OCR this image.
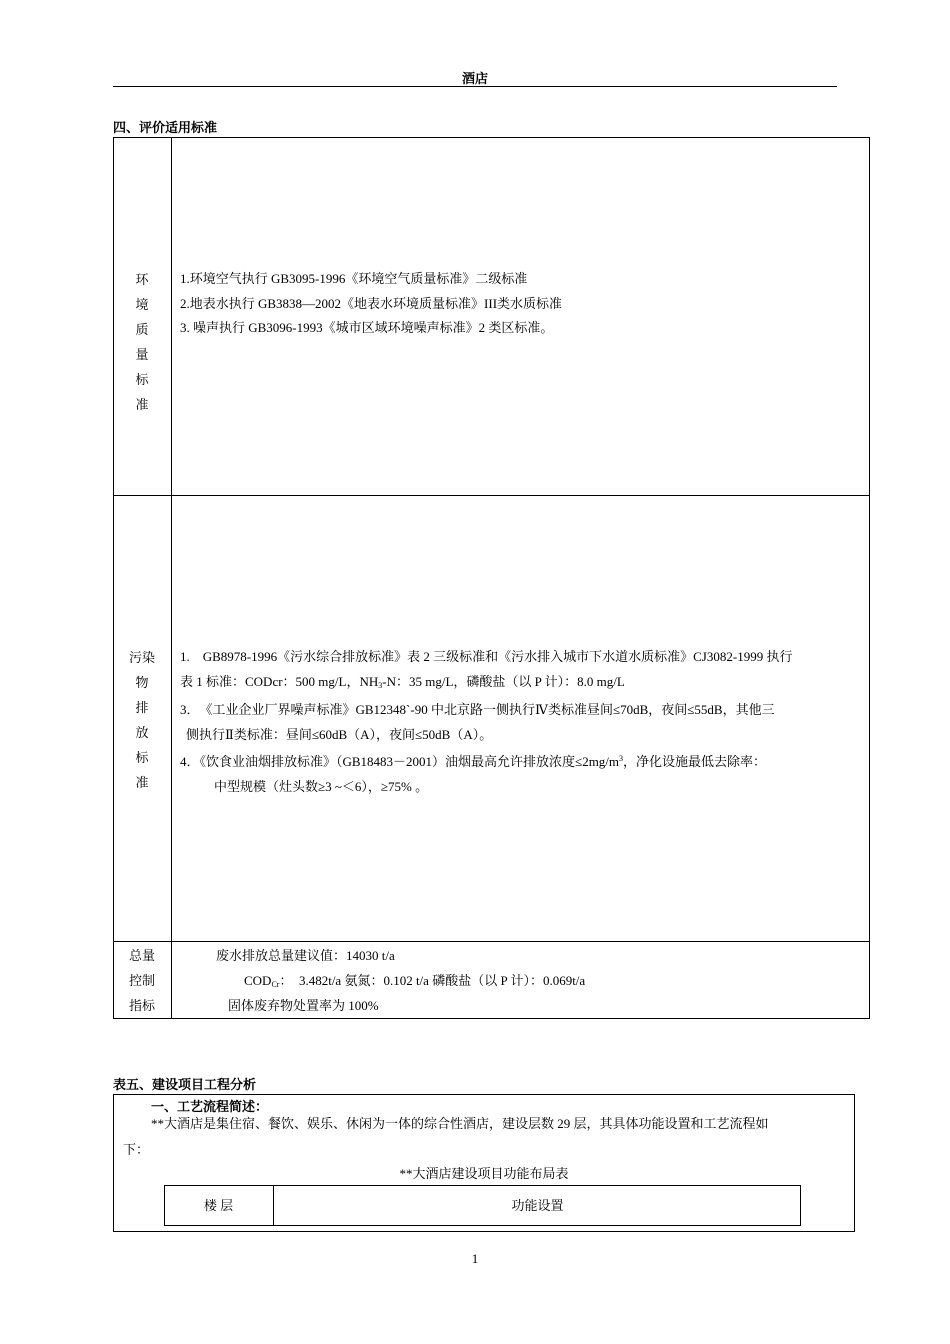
酒店
四、评价适用标准
环
境
质
量
标
准
1.环境空气执行 GB3095-1996《环境空气质量标准》二级标准
2.地表水执行 GB3838—2002《地表水环境质量标准》III类水质标准
3. 噪声执行 GB3096-1993《城市区域环境噪声标准》2 类区标准。
污染
物
排
放
标
准
1.　GB8978-1996《污水综合排放标准》表 2 三级标准和《污水排入城市下水道水质标准》CJ3082-1999 执行
表 1 标准：CODcr：500 mg/L，$NH_3-N$：35 mg/L，磷酸盐（以 P 计）：8.0 mg/L
3．　《工业企业厂界噪声标准》GB12348`-90 中北京路一侧执行Ⅳ类标准昼间≤70dB，夜间≤55dB，其他三
侧执行Ⅱ类标准：昼间≤60dB（A），夜间≤50dB（A）。
4．《饮食业油烟排放标准》（GB18483－2001）油烟最高允许排放浓度$\le 2mg/m^3$，净化设施最低去除率：
中型规模（灶头数≥3 ~＜6），≥75% 。
总量
控制
指标
废水排放总量建议值：14030 t/a
$COD_{Cr}$：　3.482t/a 氨氮：0.102 t/a 磷酸盐（以 P 计）：0.069t/a
固体废弃物处置率为 100%
表五、建设项目工程分析
一、工艺流程简述：
**大酒店是集住宿、餐饮、娱乐、休闲为一体的综合性酒店，建设层数 29 层，其具体功能设置和工艺流程如
下：
**大酒店建设项目功能布局表
楼 层	功能设置
1
